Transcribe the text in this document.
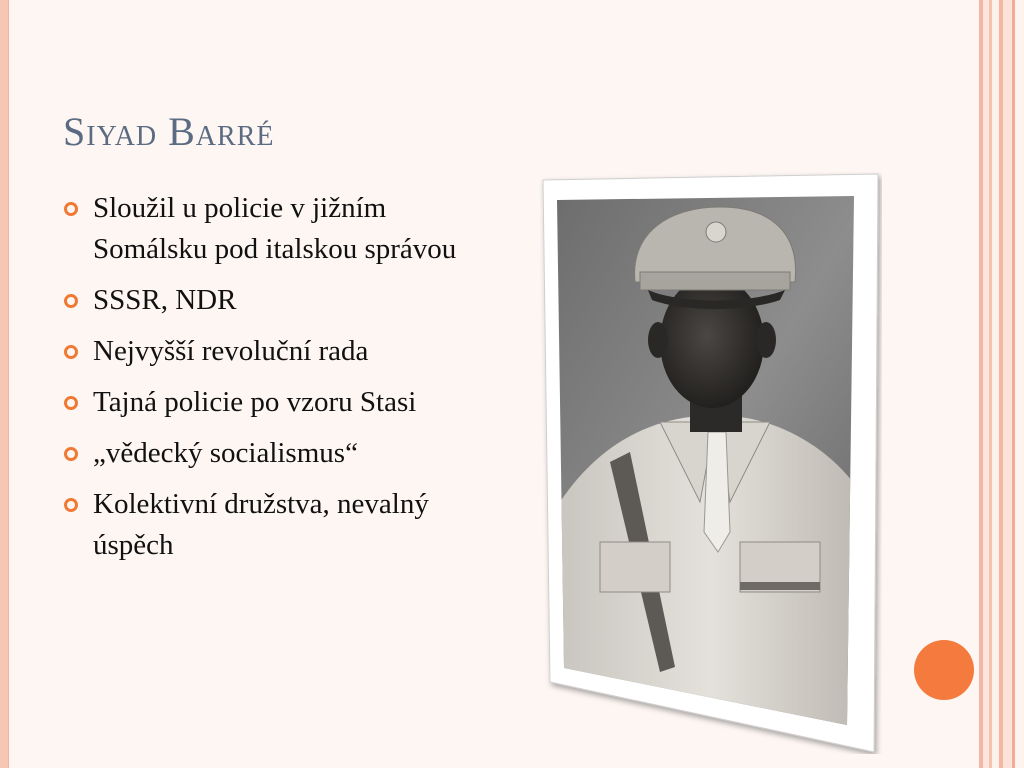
Siyad Barré
Sloužil u policie v jižním Somálsku pod italskou správou
SSSR, NDR
Nejvyšší revoluční rada
Tajná policie po vzoru Stasi
„vědecký socialismus“
Kolektivní družstva, nevalný úspěch
